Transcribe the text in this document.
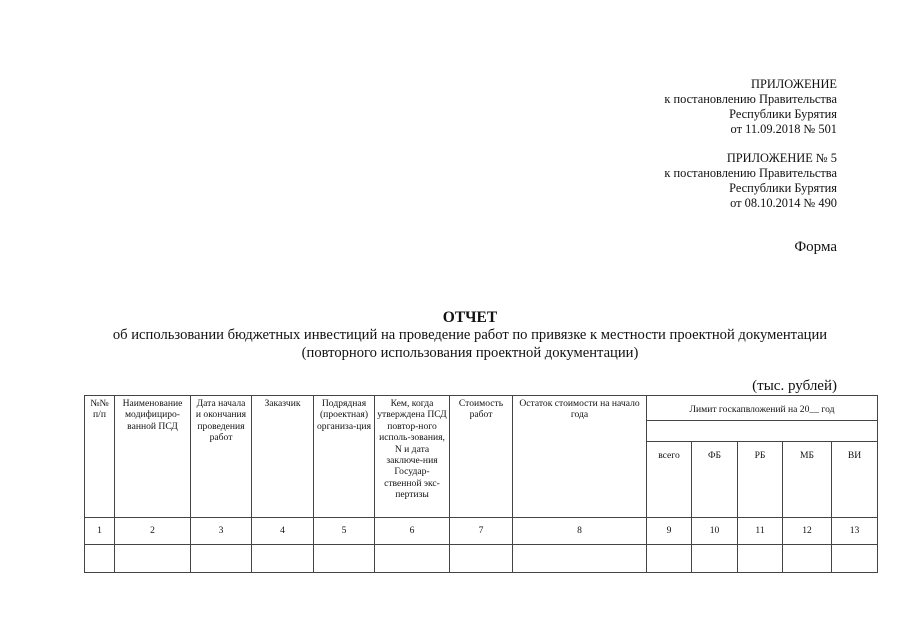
ПРИЛОЖЕНИЕ
к постановлению Правительства
Республики Бурятия
от 11.09.2018 № 501
ПРИЛОЖЕНИЕ № 5
к постановлению Правительства
Республики Бурятия
от 08.10.2014 № 490
Форма
ОТЧЕТ
об использовании бюджетных инвестиций на проведение работ по привязке к местности проектной документации
(повторного использования проектной документации)
(тыс. рублей)
№№ п/п	Наименование модифициро-ванной ПСД	Дата начала и окончания проведения работ	Заказчик	Подрядная (проектная) организа-ция	Кем, когда утверждена ПСД повтор-ного исполь-зования, N и дата заключе-ния Государ-ственной экс-пертизы	Стоимость работ	Остаток стоимости на начало года	Лимит госкапвложений на 20__ год				

								всего	ФБ	РБ	МБ	ВИ
1	2	3	4	5	6	7	8	9	10	11	12	13
